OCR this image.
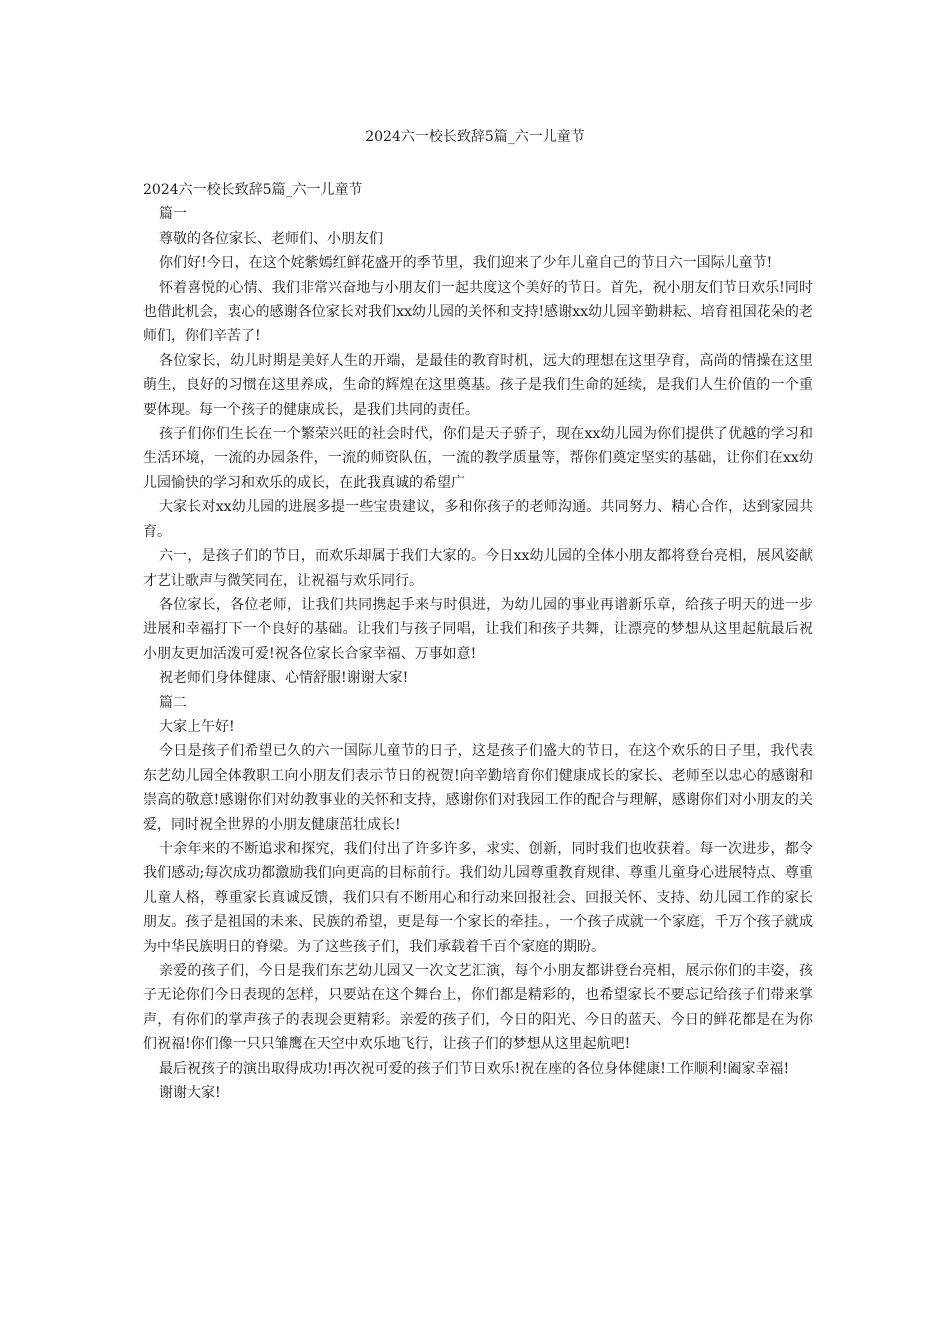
2024六一校长致辞5篇_六一儿童节

2024六一校长致辞5篇_六一儿童节

篇一

尊敬的各位家长、老师们、小朋友们

你们好!今日，在这个姹紫嫣红鲜花盛开的季节里，我们迎来了少年儿童自己的节日六一国际儿童节!

怀着喜悦的心情、我们非常兴奋地与小朋友们一起共度这个美好的节日。首先，祝小朋友们节日欢乐!同时也借此机会，衷心的感谢各位家长对我们xx幼儿园的关怀和支持!感谢xx幼儿园辛勤耕耘、培育祖国花朵的老师们，你们辛苦了!

各位家长，幼儿时期是美好人生的开端，是最佳的教育时机，远大的理想在这里孕育，高尚的情操在这里萌生，良好的习惯在这里养成，生命的辉煌在这里奠基。孩子是我们生命的延续，是我们人生价值的一个重要体现。每一个孩子的健康成长，是我们共同的责任。

孩子们你们生长在一个繁荣兴旺的社会时代，你们是天子骄子，现在xx幼儿园为你们提供了优越的学习和生活环境，一流的办园条件，一流的师资队伍，一流的教学质量等，帮你们奠定坚实的基础，让你们在xx幼儿园愉快的学习和欢乐的成长，在此我真诚的希望广

大家长对xx幼儿园的进展多提一些宝贵建议，多和你孩子的老师沟通。共同努力、精心合作，达到家园共育。

六一，是孩子们的节日，而欢乐却属于我们大家的。今日xx幼儿园的全体小朋友都将登台亮相，展风姿献才艺让歌声与微笑同在，让祝福与欢乐同行。

各位家长，各位老师，让我们共同携起手来与时俱进，为幼儿园的事业再谱新乐章，给孩子明天的进一步进展和幸福打下一个良好的基础。让我们与孩子同唱，让我们和孩子共舞，让漂亮的梦想从这里起航最后祝小朋友更加活泼可爱!祝各位家长合家幸福、万事如意!

祝老师们身体健康、心情舒服!谢谢大家!

篇二

大家上午好!

今日是孩子们希望已久的六一国际儿童节的日子，这是孩子们盛大的节日，在这个欢乐的日子里，我代表东艺幼儿园全体教职工向小朋友们表示节日的祝贺!向辛勤培育你们健康成长的家长、老师至以忠心的感谢和崇高的敬意!感谢你们对幼教事业的关怀和支持，感谢你们对我园工作的配合与理解，感谢你们对小朋友的关爱，同时祝全世界的小朋友健康茁壮成长!

十余年来的不断追求和探究，我们付出了许多许多，求实、创新，同时我们也收获着。每一次进步，都令我们感动;每次成功都激励我们向更高的目标前行。我们幼儿园尊重教育规律、尊重儿童身心进展特点、尊重儿童人格，尊重家长真诚反馈，我们只有不断用心和行动来回报社会、回报关怀、支持、幼儿园工作的家长朋友。孩子是祖国的未来、民族的希望，更是每一个家长的牵挂。，一个孩子成就一个家庭，千万个孩子就成为中华民族明日的脊梁。为了这些孩子们，我们承载着千百个家庭的期盼。

亲爱的孩子们，今日是我们东艺幼儿园又一次文艺汇演，每个小朋友都讲登台亮相，展示你们的丰姿，孩子无论你们今日表现的怎样，只要站在这个舞台上，你们都是精彩的，也希望家长不要忘记给孩子们带来掌声，有你们的掌声孩子的表现会更精彩。亲爱的孩子们，今日的阳光、今日的蓝天、今日的鲜花都是在为你们祝福!你们像一只只雏鹰在天空中欢乐地飞行，让孩子们的梦想从这里起航吧!

最后祝孩子的演出取得成功!再次祝可爱的孩子们节日欢乐!祝在座的各位身体健康!工作顺利!阖家幸福!

谢谢大家!
